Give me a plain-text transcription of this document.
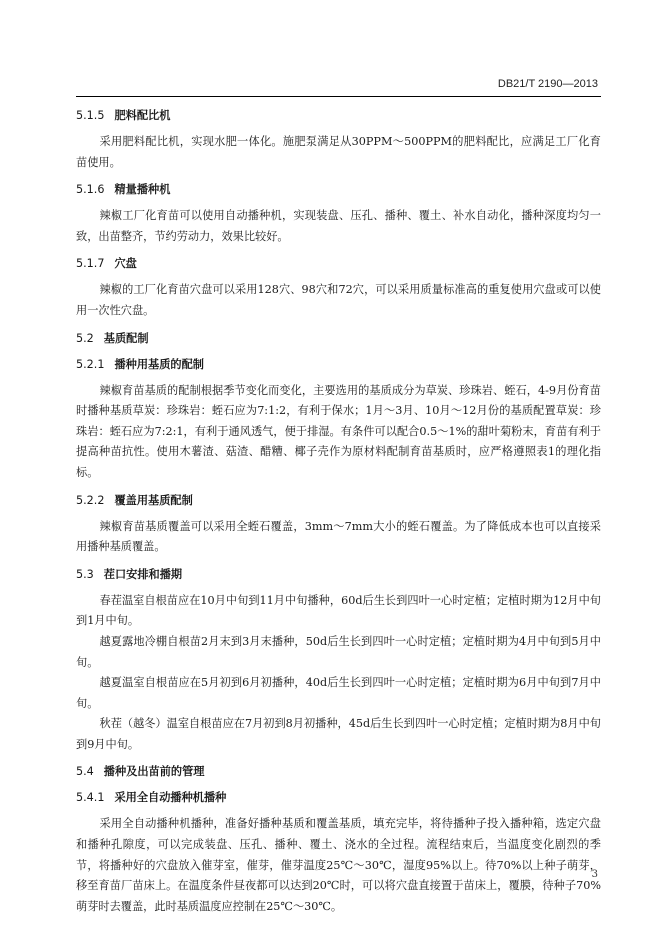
DB21/T 2190—2013
5.1.5 肥料配比机

采用肥料配比机，实现水肥一体化。施肥泵满足从30PPM～500PPM的肥料配比，应满足工厂化育苗使用。

5.1.6 精量播种机

辣椒工厂化育苗可以使用自动播种机，实现装盘、压孔、播种、覆土、补水自动化，播种深度均匀一致，出苗整齐，节约劳动力，效果比较好。

5.1.7 穴盘

辣椒的工厂化育苗穴盘可以采用128穴、98穴和72穴，可以采用质量标准高的重复使用穴盘或可以使用一次性穴盘。

5.2 基质配制
5.2.1 播种用基质的配制

辣椒育苗基质的配制根据季节变化而变化，主要选用的基质成分为草炭、珍珠岩、蛭石，4-9月份育苗时播种基质草炭：珍珠岩：蛭石应为7:1:2，有利于保水；1月～3月、10月～12月份的基质配置草炭：珍珠岩：蛭石应为7:2:1，有利于通风透气，便于排湿。有条件可以配合0.5～1%的甜叶菊粉末，育苗有利于提高种苗抗性。使用木薯渣、菇渣、醋糟、椰子壳作为原材料配制育苗基质时，应严格遵照表1的理化指标。

5.2.2 覆盖用基质配制

辣椒育苗基质覆盖可以采用全蛭石覆盖，3mm～7mm大小的蛭石覆盖。为了降低成本也可以直接采用播种基质覆盖。

5.3 茬口安排和播期

春茬温室自根苗应在10月中旬到11月中旬播种，60d后生长到四叶一心时定植；定植时期为12月中旬到1月中旬。

越夏露地冷棚自根苗2月末到3月末播种，50d后生长到四叶一心时定植；定植时期为4月中旬到5月中旬。

越夏温室自根苗应在5月初到6月初播种，40d后生长到四叶一心时定植；定植时期为6月中旬到7月中旬。

秋茬（越冬）温室自根苗应在7月初到8月初播种，45d后生长到四叶一心时定植；定植时期为8月中旬到9月中旬。

5.4 播种及出苗前的管理
5.4.1 采用全自动播种机播种

采用全自动播种机播种，准备好播种基质和覆盖基质，填充完毕，将待播种子投入播种箱，选定穴盘和播种孔隙度，可以完成装盘、压孔、播种、覆土、浇水的全过程。流程结束后，当温度变化剧烈的季节，将播种好的穴盘放入催芽室，催芽，催芽温度25℃～30℃，湿度95%以上。待70%以上种子萌芽，移至育苗厂苗床上。在温度条件昼夜都可以达到20℃时，可以将穴盘直接置于苗床上，覆膜，待种子70%萌芽时去覆盖，此时基质温度应控制在25℃～30℃。

3
